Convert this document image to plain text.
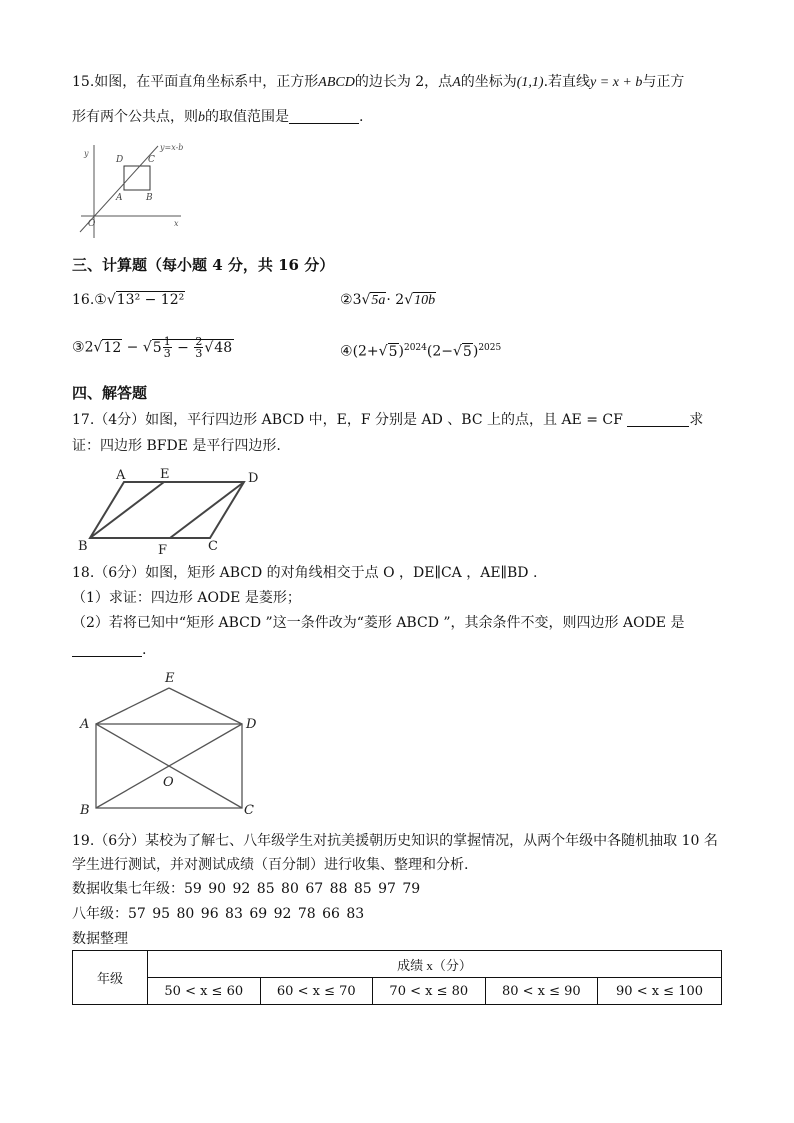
15.如图，在平面直角坐标系中，正方形ABCD的边长为 2，点A的坐标为(1,1).若直线y = x + b与正方
形有两个公共点，则b的取值范围是	.
y=x-b
y
D	C
A	B
O	x
三、计算题（每小题 4 分，共 16 分）
16.①√13² − 12²	②3√5a· 2√10b
③2√12 − $√5 \frac{1}{3} - \frac{2}{3} √48$	$④(2+√5)^{2024}(2-√5)^{2025}$
四、解答题
17.（4分）如图，平行四边形 ABCD 中，E，F 分别是 AD 、BC 上的点，且 AE = CF	求
证：四边形 BFDE 是平行四边形.
A	E	D
B	F	C
18.（6分）如图，矩形 ABCD 的对角线相交于点 O ，DE∥CA ，AE∥BD .
（1）求证：四边形 AODE 是菱形；
（2）若将已知中“矩形 ABCD ”这一条件改为“菱形 ABCD ”，其余条件不变，则四边形 AODE 是
.
E
A	D
O
B	C
19.（6分）某校为了解七、八年级学生对抗美援朝历史知识的掌握情况，从两个年级中各随机抽取 10 名
学生进行测试，并对测试成绩（百分制）进行收集、整理和分析.
数据收集七年级：59 90 92 85 80 67 88 85 97 79
八年级：57 95 80 96 83 69 92 78 66 83
数据整理
年级	成绩 x（分）				
	50 < x ≤ 60	60 < x ≤ 70	70 < x ≤ 80	80 < x ≤ 90	90 < x ≤ 100
